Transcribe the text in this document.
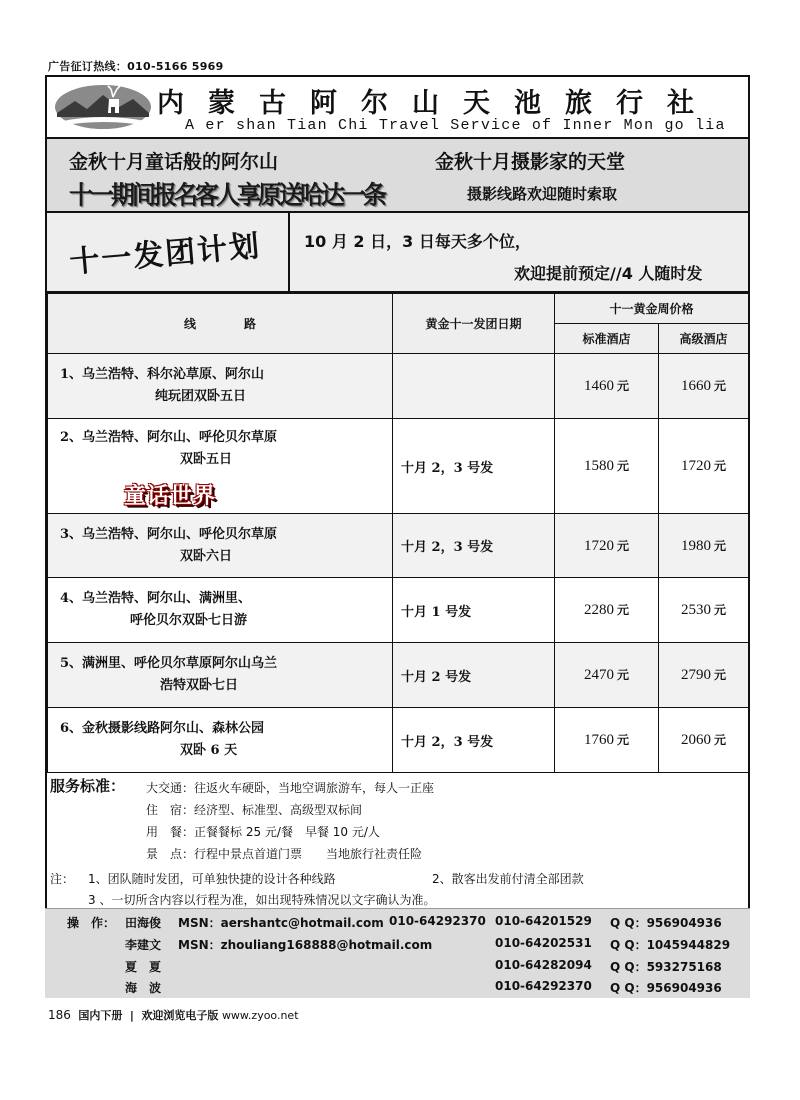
广告征订热线：010-5166 5969
内蒙古阿尔山天池旅行社
A er shan Tian Chi Travel Service of Inner Mon go lia
金秋十月童话般的阿尔山	金秋十月摄影家的天堂
十一期间报名客人享原送哈达一条	摄影线路欢迎随时索取
十一发团计划	10 月 2 日，3 日每天多个位，
欢迎提前预定//4 人随时发
线　　　　路	黄金十一发团日期	十一黄金周价格	
		标准酒店	高级酒店

1、乌兰浩特、科尔沁草原、阿尔山
纯玩团双卧五日		1460 元	1660 元

2、乌兰浩特、阿尔山、呼伦贝尔草原
双卧五日
童话世界	十月 2，3 号发	1580 元	1720 元

3、乌兰浩特、阿尔山、呼伦贝尔草原
双卧六日	十月 2，3 号发	1720 元	1980 元

4、乌兰浩特、阿尔山、满洲里、
呼伦贝尔双卧七日游	十月 1 号发	2280 元	2530 元

5、满洲里、呼伦贝尔草原阿尔山乌兰
浩特双卧七日	十月 2 号发	2470 元	2790 元

6、金秋摄影线路阿尔山、森林公园
双卧 6 天	十月 2，3 号发	1760 元	2060 元
服务标准： 大交通：往返火车硬卧，当地空调旅游车，每人一正座
住　宿：经济型、标准型、高级型双标间
用　餐：正餐餐标 25 元/餐　早餐 10 元/人
景　点：行程中景点首道门票　　当地旅行社责任险
注： 1、团队随时发团，可单独快捷的设计各种线路	2、散客出发前付清全部团款
3 、一切所含内容以行程为准，如出现特殊情况以文字确认为准。
操　作： 田海俊 MSN：aershantc@hotmail.com 010-64292370 010-64201529 Q Q：956904936
李建文 MSN：zhouliang168888@hotmail.com	010-64202531 Q Q：1045944829
夏　夏	010-64282094 Q Q：593275168
海　波	010-64292370 Q Q：956904936
186 国内下册 | 欢迎浏览电子版 www.zyoo.net
